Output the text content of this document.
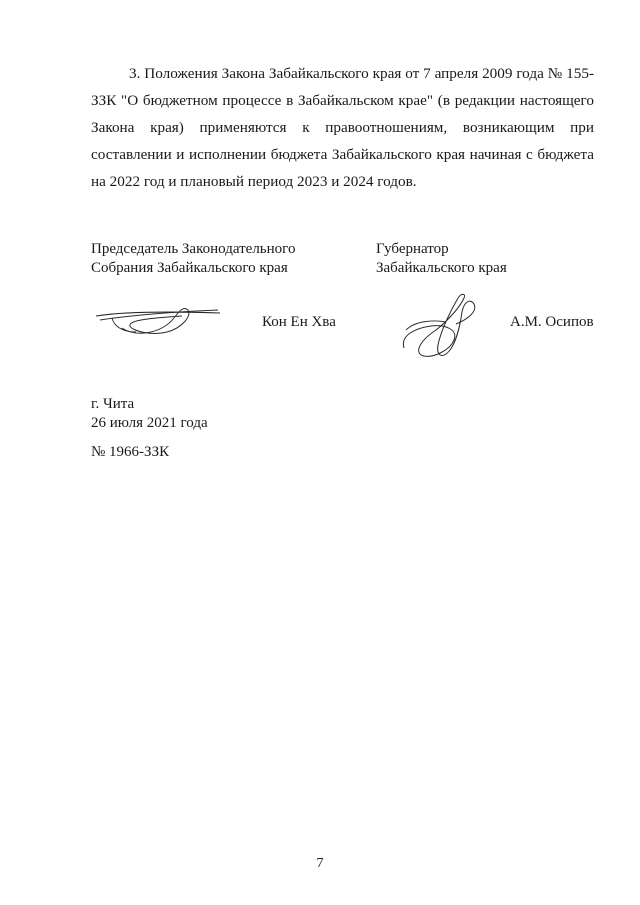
3. Положения Закона Забайкальского края от 7 апреля 2009 года № 155-ЗЗК "О бюджетном процессе в Забайкальском крае" (в редакции настоящего Закона края) применяются к правоотношениям, возникающим при составлении и исполнении бюджета Забайкальского края начиная с бюджета на 2022 год и плановый период 2023 и 2024 годов.

Председатель Законодательного
Собрания Забайкальского края
Губернатор
Забайкальского края
Кон Ен Хва	А.М. Осипов
г. Чита
26 июля 2021 года
№ 1966-ЗЗК
7
